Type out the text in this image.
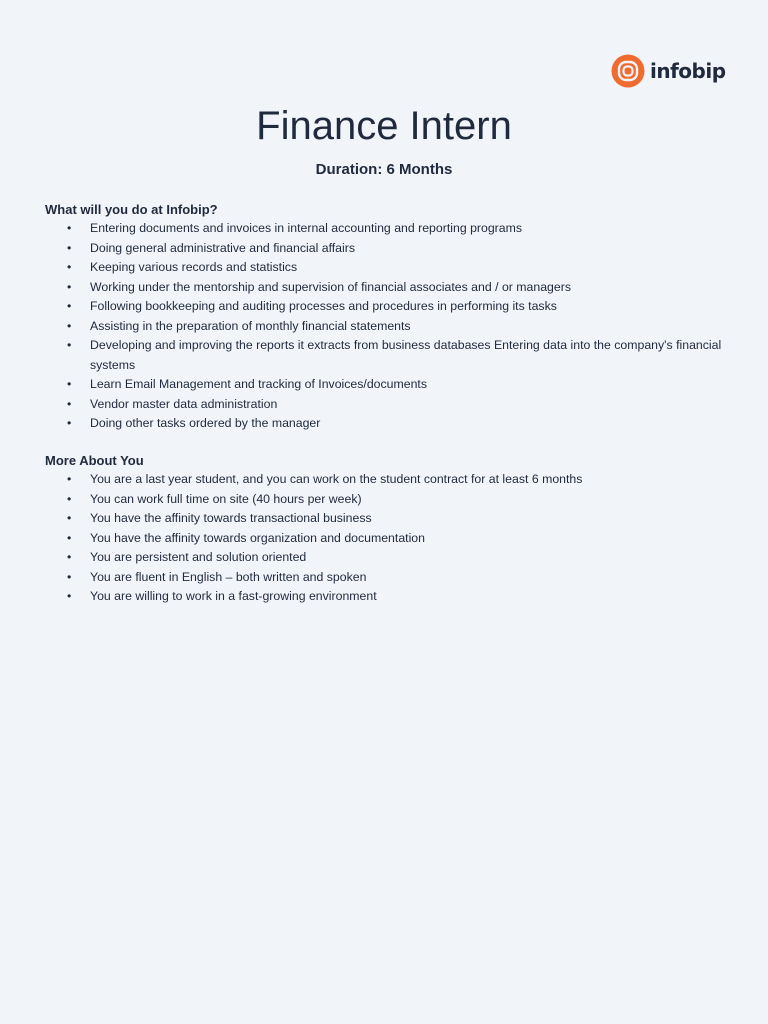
infobip
Finance Intern
Duration: 6 Months
What will you do at Infobip?
• Entering documents and invoices in internal accounting and reporting programs
• Doing general administrative and financial affairs
• Keeping various records and statistics
• Working under the mentorship and supervision of financial associates and / or managers
• Following bookkeeping and auditing processes and procedures in performing its tasks
• Assisting in the preparation of monthly financial statements
• Developing and improving the reports it extracts from business databases Entering data into the company's financial systems
• Learn Email Management and tracking of Invoices/documents
• Vendor master data administration
• Doing other tasks ordered by the manager
More About You
• You are a last year student, and you can work on the student contract for at least 6 months
• You can work full time on site (40 hours per week)
• You have the affinity towards transactional business
• You have the affinity towards organization and documentation
• You are persistent and solution oriented
• You are fluent in English – both written and spoken
• You are willing to work in a fast-growing environment
